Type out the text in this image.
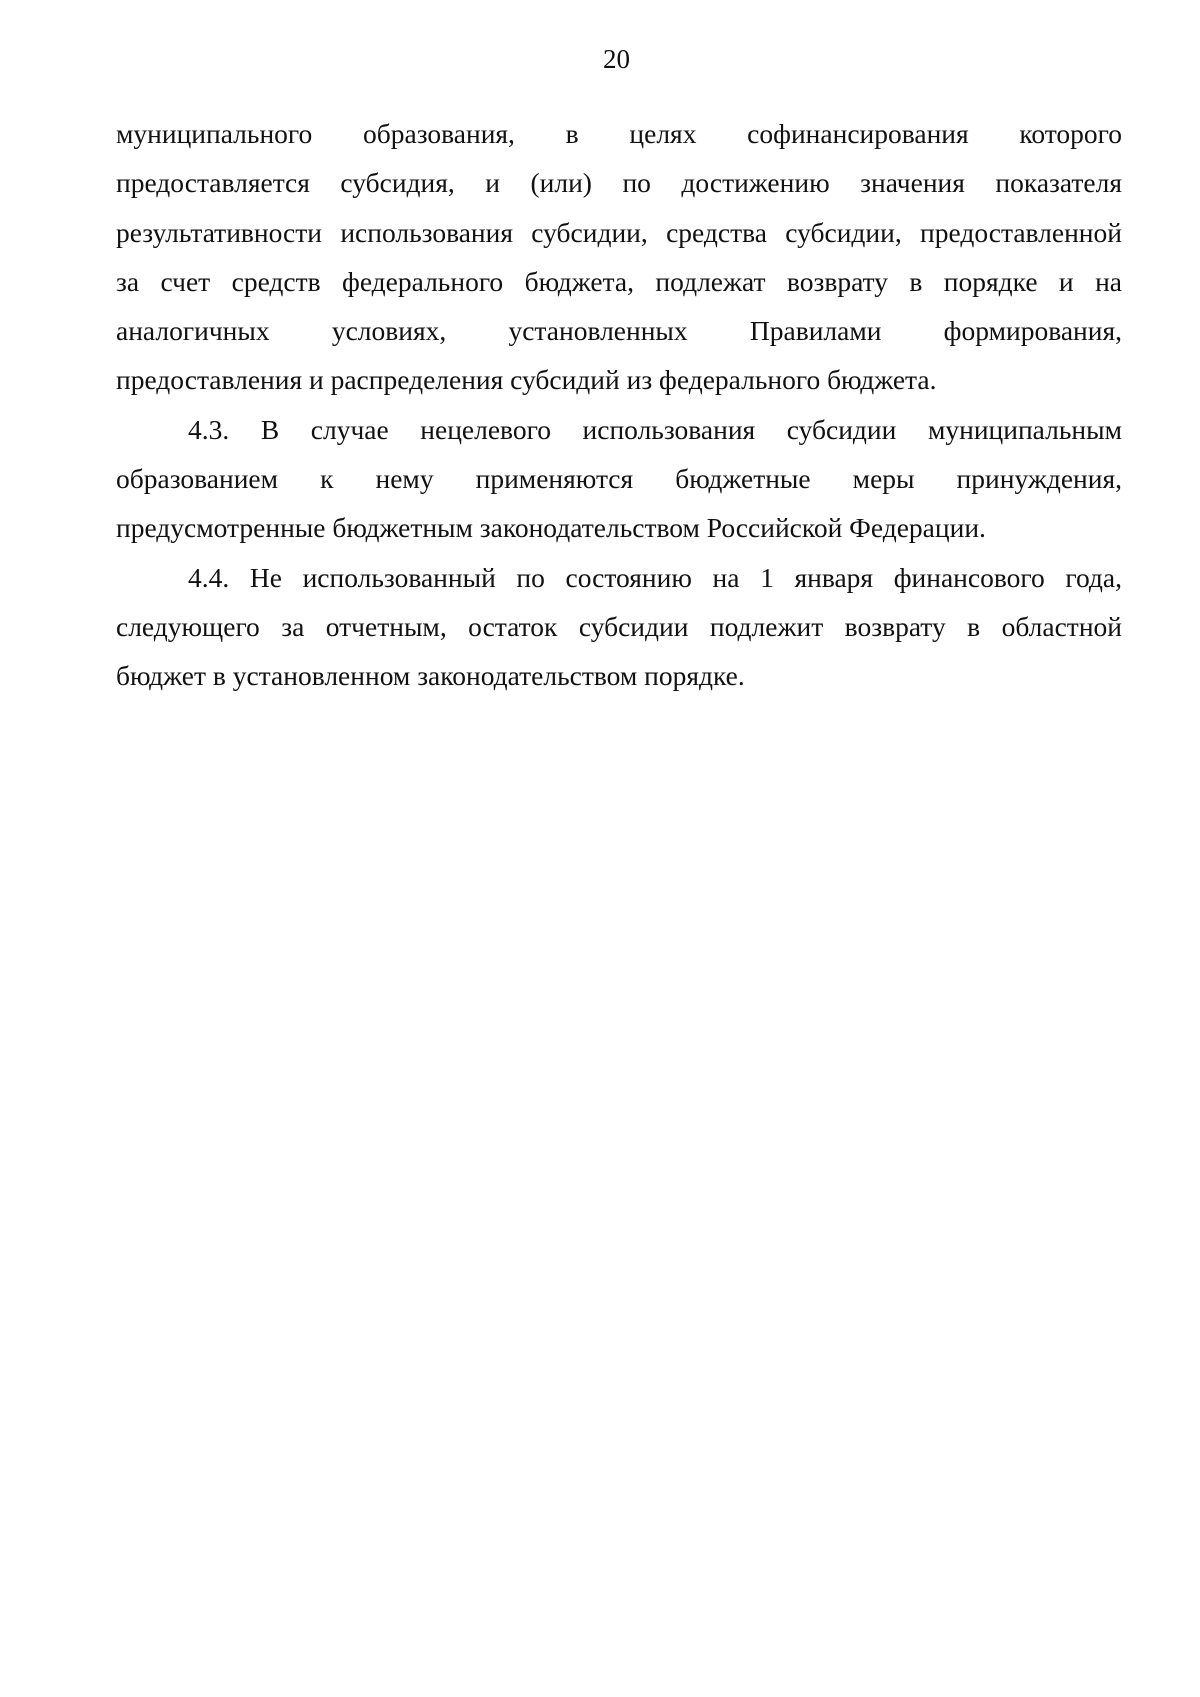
20
муниципального образования, в целях софинансирования которого
предоставляется субсидия, и (или) по достижению значения показателя
результативности использования субсидии, средства субсидии, предоставленной
за счет средств федерального бюджета, подлежат возврату в порядке и на
аналогичных условиях, установленных Правилами формирования,
предоставления и распределения субсидий из федерального бюджета.
4.3. В случае нецелевого использования субсидии муниципальным
образованием к нему применяются бюджетные меры принуждения,
предусмотренные бюджетным законодательством Российской Федерации.
4.4. Не использованный по состоянию на 1 января финансового года,
следующего за отчетным, остаток субсидии подлежит возврату в областной
бюджет в установленном законодательством порядке.
